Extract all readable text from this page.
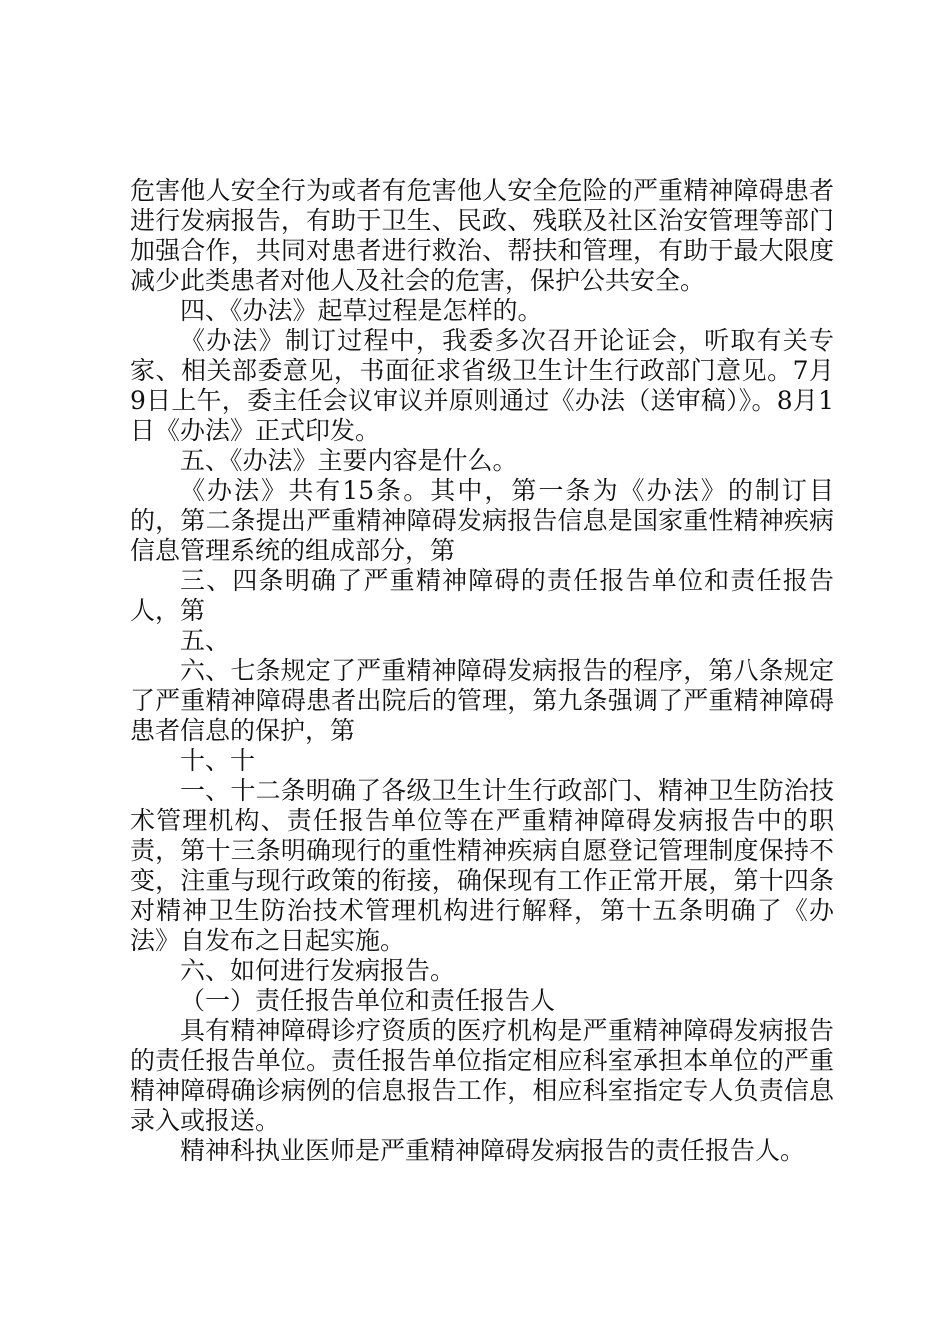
危害他人安全行为或者有危害他人安全危险的严重精神障碍患者进行发病报告，有助于卫生、民政、残联及社区治安管理等部门加强合作，共同对患者进行救治、帮扶和管理，有助于最大限度减少此类患者对他人及社会的危害，保护公共安全。

四、《办法》起草过程是怎样的。

《办法》制订过程中，我委多次召开论证会，听取有关专家、相关部委意见，书面征求省级卫生计生行政部门意见。7月9日上午，委主任会议审议并原则通过《办法（送审稿）》。8月1日《办法》正式印发。

五、《办法》主要内容是什么。

《办法》共有15条。其中，第一条为《办法》的制订目的，第二条提出严重精神障碍发病报告信息是国家重性精神疾病信息管理系统的组成部分，第

三、四条明确了严重精神障碍的责任报告单位和责任报告人，第

五、

六、七条规定了严重精神障碍发病报告的程序，第八条规定了严重精神障碍患者出院后的管理，第九条强调了严重精神障碍患者信息的保护，第

十、十

一、十二条明确了各级卫生计生行政部门、精神卫生防治技术管理机构、责任报告单位等在严重精神障碍发病报告中的职责，第十三条明确现行的重性精神疾病自愿登记管理制度保持不变，注重与现行政策的衔接，确保现有工作正常开展，第十四条对精神卫生防治技术管理机构进行解释，第十五条明确了《办法》自发布之日起实施。

六、如何进行发病报告。

（一）责任报告单位和责任报告人

具有精神障碍诊疗资质的医疗机构是严重精神障碍发病报告的责任报告单位。责任报告单位指定相应科室承担本单位的严重精神障碍确诊病例的信息报告工作，相应科室指定专人负责信息录入或报送。

精神科执业医师是严重精神障碍发病报告的责任报告人。
